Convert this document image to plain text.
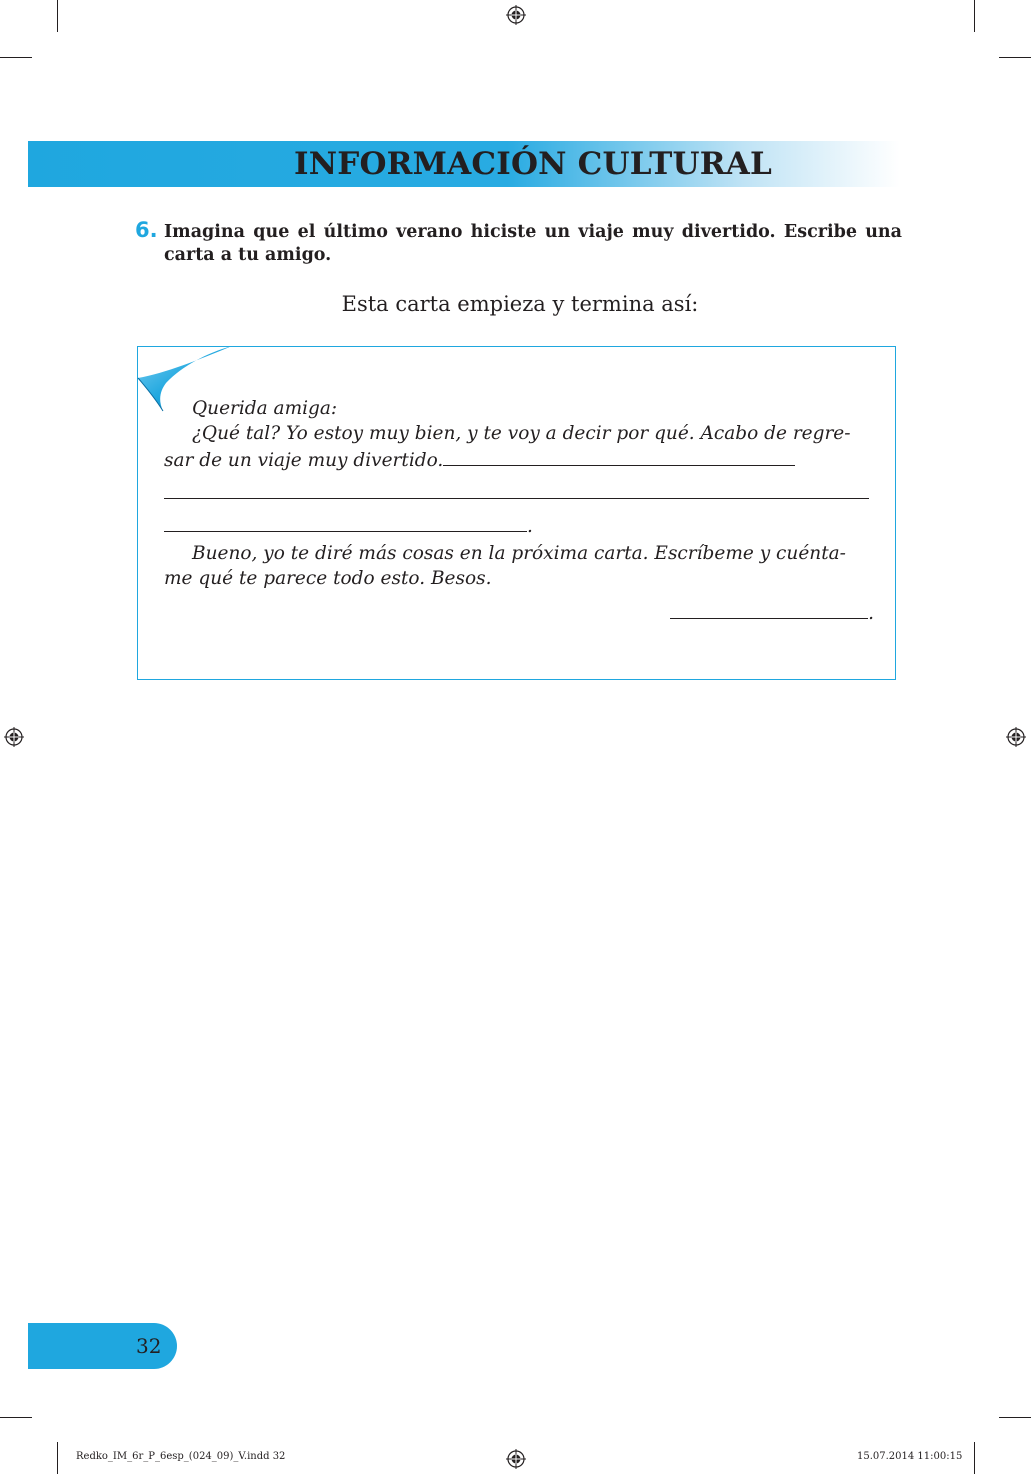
INFORMACIÓN CULTURAL
6. Imagina que el último verano hiciste un viaje muy divertido. Escribe una carta a tu amigo.
Esta carta empieza y termina así:
Querida amiga:
¿Qué tal? Yo estoy muy bien, y te voy a decir por qué. Acabo de regre-
sar de un viaje muy divertido.
.
Bueno, yo te diré más cosas en la próxima carta. Escríbeme y cuénta-
me qué te parece todo esto. Besos.
.
32
Redko_IM_6r_P_6esp_(024_09)_V.indd 32	15.07.2014 11:00:15
